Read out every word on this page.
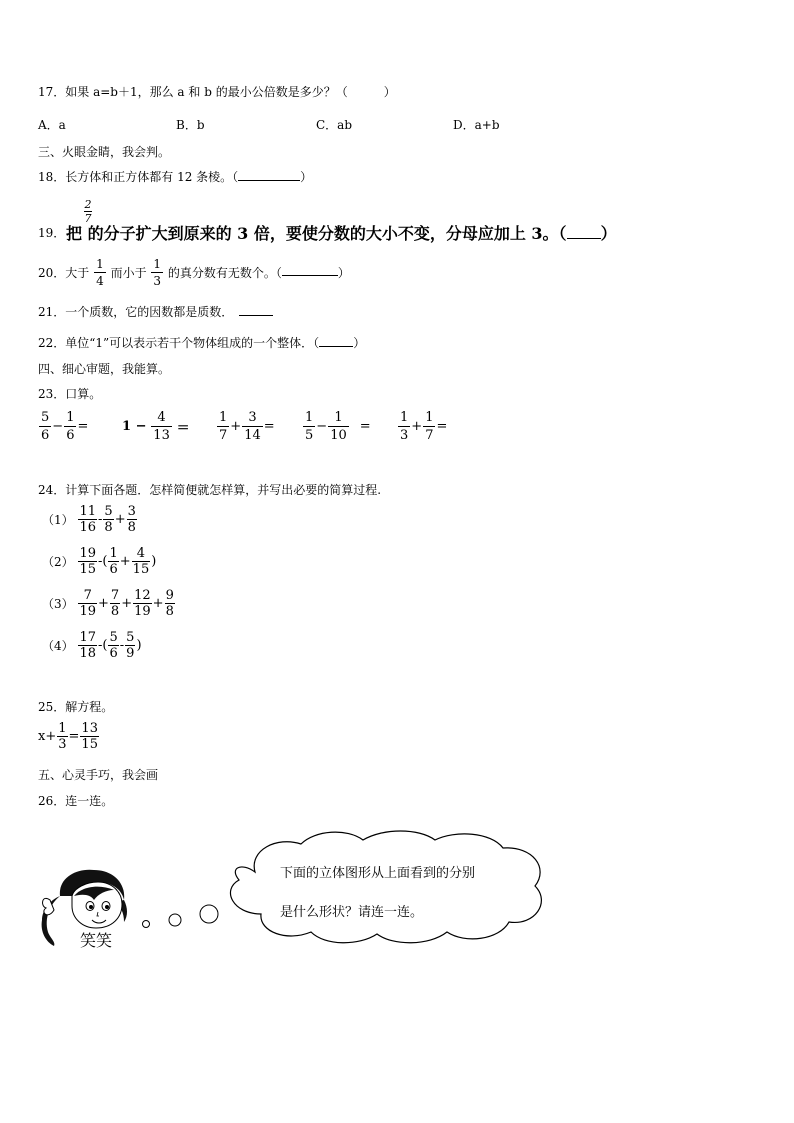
17．如果 a=b＋1，那么 a 和 b 的最小公倍数是多少？（　　　）
A．a	B．b	C．ab	D．a+b
三、火眼金睛，我会判。
18．长方体和正方体都有 12 条棱。（	）
19．
2
7
把 的分子扩大到原来的 3 倍，要使分数的大小不变，分母应加上 3。（ ）
20．大于 $\frac{1}{4}$ 而小于 $\frac{1}{3}$ 的真分数有无数个。（	）
21．一个质数，它的因数都是质数．
22．单位“1”可以表示若干个物体组成的一个整体．（	）
四、细心审题，我能算。
23．口算。
$\frac{5}{6} - \frac{1}{6}$ =	$1 - \frac{4}{13} = \frac{1}{7} + \frac{3}{14} = \frac{1}{5} - \frac{1}{10} = \frac{1}{3} + \frac{1}{7}$ =
24．计算下面各题．怎样简便就怎样算，并写出必要的简算过程.
$(1) \frac{11}{16} - \frac{5}{8} + \frac{3}{8}$
$(2) \frac{19}{15}$ -( $\frac{1}{6} + \frac{4}{15}$ )
$(3) \frac{7}{19} + \frac{7}{8} + \frac{12}{19} + \frac{9}{8}$
$(4) \frac{17}{18}$ -( $\frac{5}{6} - \frac{5}{9}$ )
25．解方程。
$x+ \frac{1}{3} = \frac{13}{15}$
五、心灵手巧，我会画
26．连一连。
下面的立体图形从上面看到的分别
是什么形状？请连一连。
笑笑
